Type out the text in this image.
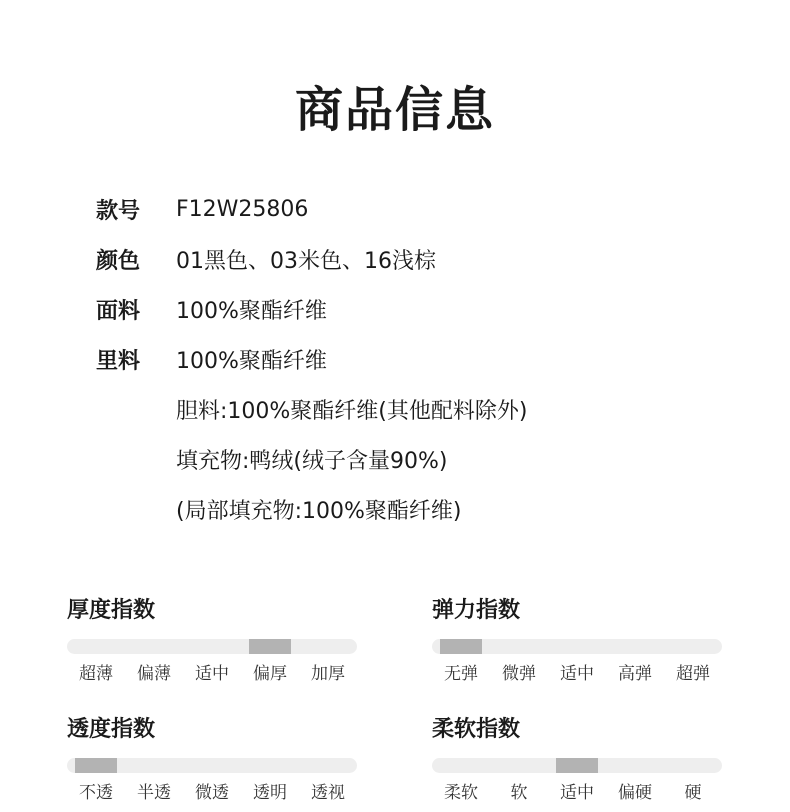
商品信息
款号	F12W25806
颜色	01黑色、03米色、16浅棕
面料	100%聚酯纤维
里料	100%聚酯纤维
胆料:100%聚酯纤维(其他配料除外)
填充物:鸭绒(绒子含量90%)
(局部填充物:100%聚酯纤维)
厚度指数
超薄	偏薄	适中	偏厚	加厚
弹力指数
无弹	微弹	适中	高弹	超弹
透度指数
不透	半透	微透	透明	透视
柔软指数
柔软	软	适中	偏硬	硬
